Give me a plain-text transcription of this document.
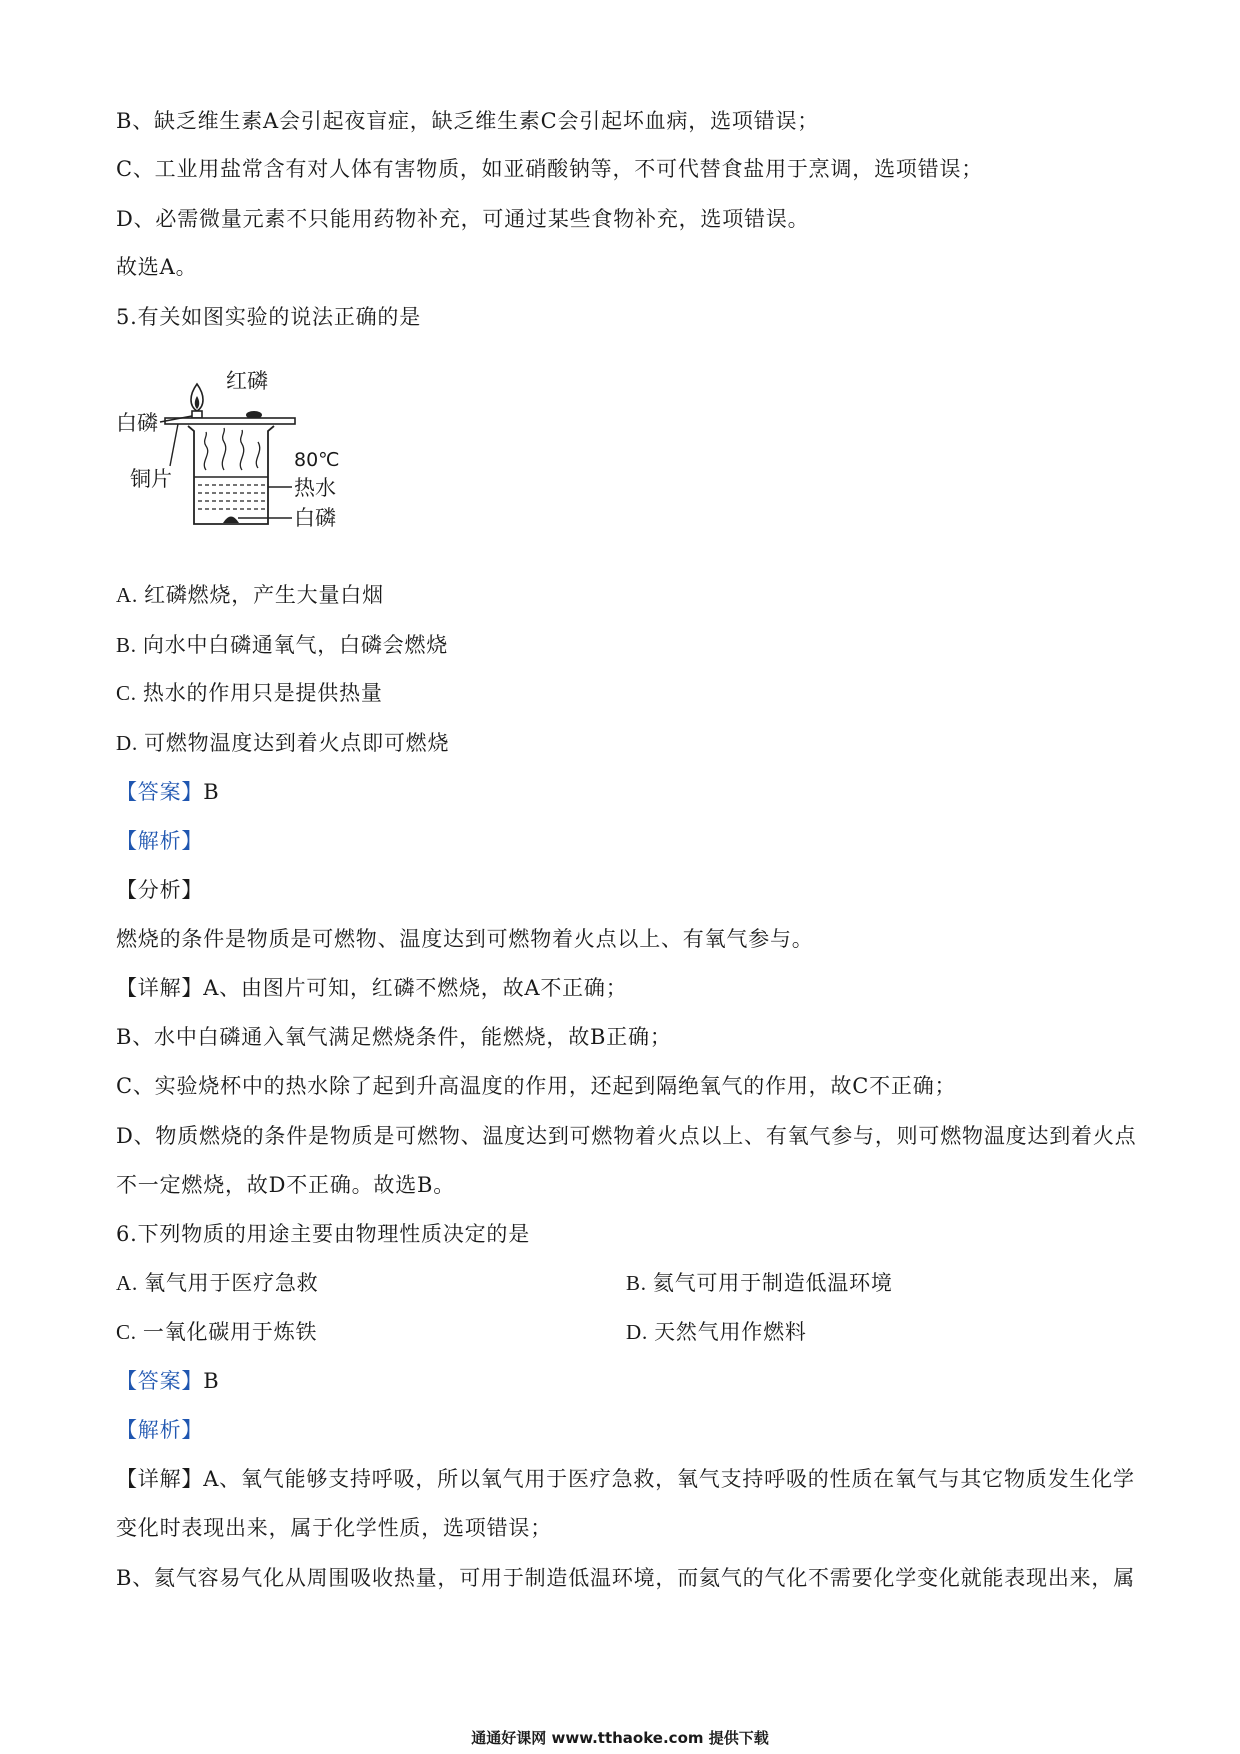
B、缺乏维生素A会引起夜盲症，缺乏维生素C会引起坏血病，选项错误；
C、工业用盐常含有对人体有害物质，如亚硝酸钠等，不可代替食盐用于烹调，选项错误；
D、必需微量元素不只能用药物补充，可通过某些食物补充，选项错误。
故选A。
5.有关如图实验的说法正确的是
红磷
白磷
铜片
80℃
热水
白磷
A. 红磷燃烧，产生大量白烟
B. 向水中白磷通氧气，白磷会燃烧
C. 热水的作用只是提供热量
D. 可燃物温度达到着火点即可燃烧
【答案】B
【解析】
【分析】
燃烧的条件是物质是可燃物、温度达到可燃物着火点以上、有氧气参与。
【详解】A、由图片可知，红磷不燃烧，故A不正确；
B、水中白磷通入氧气满足燃烧条件，能燃烧，故B正确；
C、实验烧杯中的热水除了起到升高温度的作用，还起到隔绝氧气的作用，故C不正确；
D、物质燃烧的条件是物质是可燃物、温度达到可燃物着火点以上、有氧气参与，则可燃物温度达到着火点
不一定燃烧，故D不正确。故选B。
6.下列物质的用途主要由物理性质决定的是
A. 氧气用于医疗急救	B. 氦气可用于制造低温环境
C. 一氧化碳用于炼铁	D. 天然气用作燃料
【答案】B
【解析】
【详解】A、氧气能够支持呼吸，所以氧气用于医疗急救，氧气支持呼吸的性质在氧气与其它物质发生化学
变化时表现出来，属于化学性质，选项错误；
B、氦气容易气化从周围吸收热量，可用于制造低温环境，而氦气的气化不需要化学变化就能表现出来，属
通通好课网 www.tthaoke.com 提供下载
